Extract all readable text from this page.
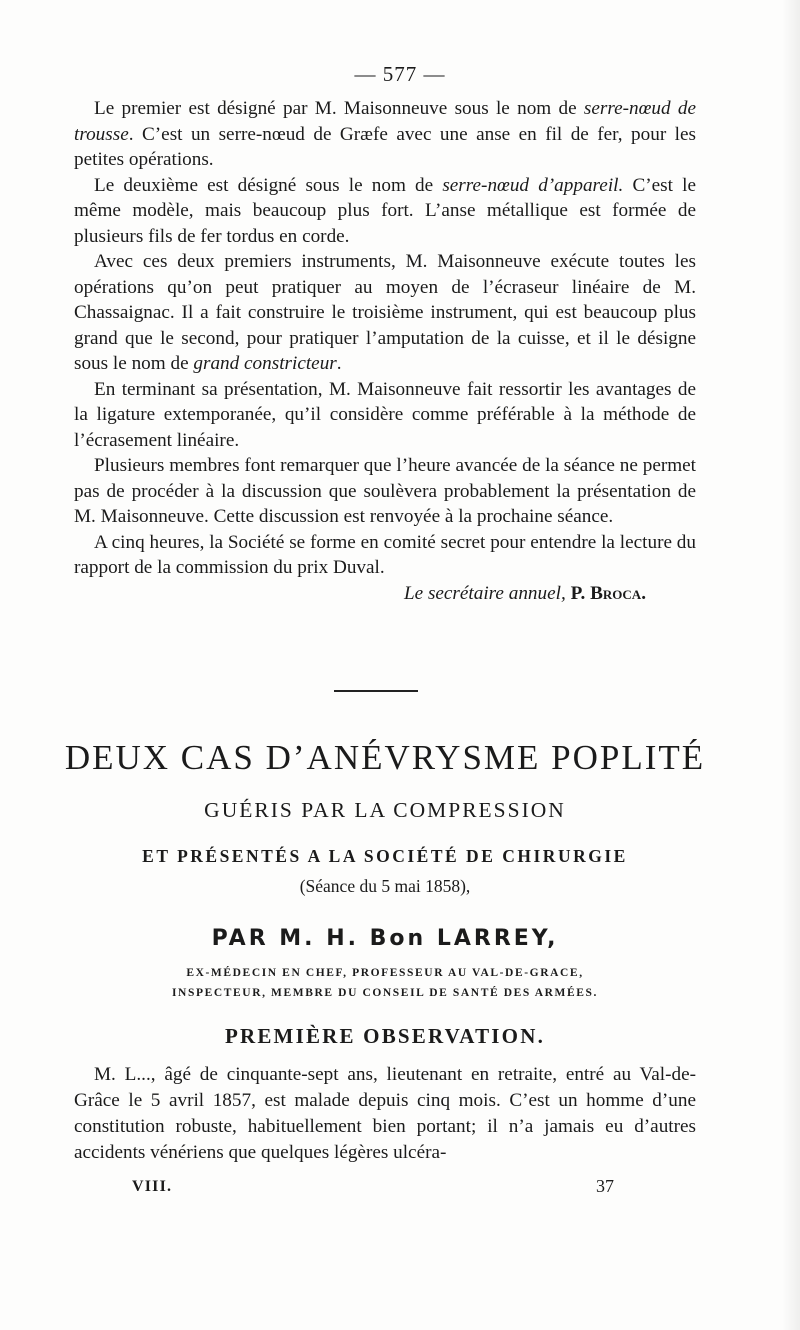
— 577 —

Le premier est désigné par M. Maisonneuve sous le nom de serre-nœud de trousse. C’est un serre-nœud de Græfe avec une anse en fil de fer, pour les petites opérations.

Le deuxième est désigné sous le nom de serre-nœud d’appareil. C’est le même modèle, mais beaucoup plus fort. L’anse métallique est formée de plusieurs fils de fer tordus en corde.

Avec ces deux premiers instruments, M. Maisonneuve exécute toutes les opérations qu’on peut pratiquer au moyen de l’écraseur linéaire de M. Chassaignac. Il a fait construire le troisième instrument, qui est beaucoup plus grand que le second, pour pratiquer l’amputation de la cuisse, et il le désigne sous le nom de grand constricteur.

En terminant sa présentation, M. Maisonneuve fait ressortir les avantages de la ligature extemporanée, qu’il considère comme préférable à la méthode de l’écrasement linéaire.

Plusieurs membres font remarquer que l’heure avancée de la séance ne permet pas de procéder à la discussion que soulèvera probablement la présentation de M. Maisonneuve. Cette discussion est renvoyée à la prochaine séance.

A cinq heures, la Société se forme en comité secret pour entendre la lecture du rapport de la commission du prix Duval.

Le secrétaire annuel, P. Broca.

DEUX CAS D’ANÉVRYSME POPLITÉ
GUÉRIS PAR LA COMPRESSION
ET PRÉSENTÉS A LA SOCIÉTÉ DE CHIRURGIE
(Séance du 5 mai 1858),
PAR M. H. Bon LARREY,
EX-MÉDECIN EN CHEF, PROFESSEUR AU VAL-DE-GRACE,
INSPECTEUR, MEMBRE DU CONSEIL DE SANTÉ DES ARMÉES.
PREMIÈRE OBSERVATION.

M. L..., âgé de cinquante-sept ans, lieutenant en retraite, entré au Val-de-Grâce le 5 avril 1857, est malade depuis cinq mois. C’est un homme d’une constitution robuste, habituellement bien portant; il n’a jamais eu d’autres accidents vénériens que quelques légères ulcéra-

VIII.	37
